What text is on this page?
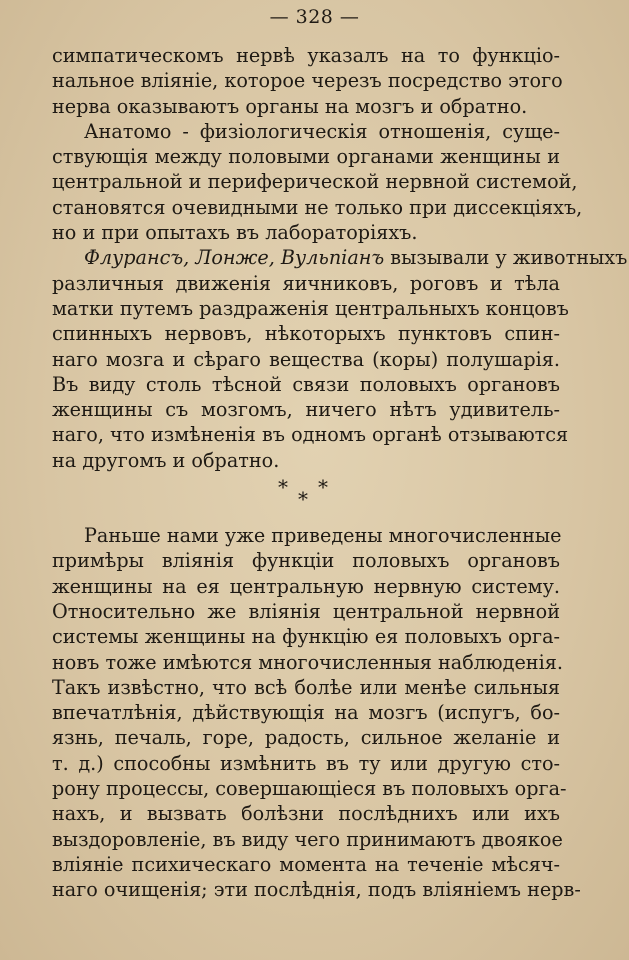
— 328 —

симпатическомъ нервѣ указалъ на то функціо-
нальное вліяніе, которое черезъ посредство этого
нерва оказываютъ органы на мозгъ и обратно.

Анатомо - физіологическія отношенія, суще-
ствующія между половыми органами женщины и
центральной и периферической нервной системой,
становятся очевидными не только при диссекціяхъ,
но и при опытахъ въ лабораторіяхъ.

Флурансъ, Лонже, Вульпіанъ вызывали у животныхъ
различныя движенія яичниковъ, роговъ и тѣла
матки путемъ раздраженія центральныхъ концовъ
спинныхъ нервовъ, нѣкоторыхъ пунктовъ спин-
наго мозга и сѣраго вещества (коры) полушарія.
Въ виду столь тѣсной связи половыхъ органовъ
женщины съ мозгомъ, ничего нѣтъ удивитель-
наго, что измѣненія въ одномъ органѣ отзываются
на другомъ и обратно.

* *
*

Раньше нами уже приведены многочисленные
примѣры вліянія функціи половыхъ органовъ
женщины на ея центральную нервную систему.
Относительно же вліянія центральной нервной
системы женщины на функцію ея половыхъ орга-
новъ тоже имѣются многочисленныя наблюденія.
Такъ извѣстно, что всѣ болѣе или менѣе сильныя
впечатлѣнія, дѣйствующія на мозгъ (испугъ, бо-
язнь, печаль, горе, радость, сильное желаніе и
т. д.) способны измѣнить въ ту или другую сто-
рону процессы, совершающіеся въ половыхъ орга-
нахъ, и вызвать болѣзни послѣднихъ или ихъ
выздоровленіе, въ виду чего принимаютъ двоякое
вліяніе психическаго момента на теченіе мѣсяч-
наго очищенія; эти послѣднія, подъ вліяніемъ нерв-
